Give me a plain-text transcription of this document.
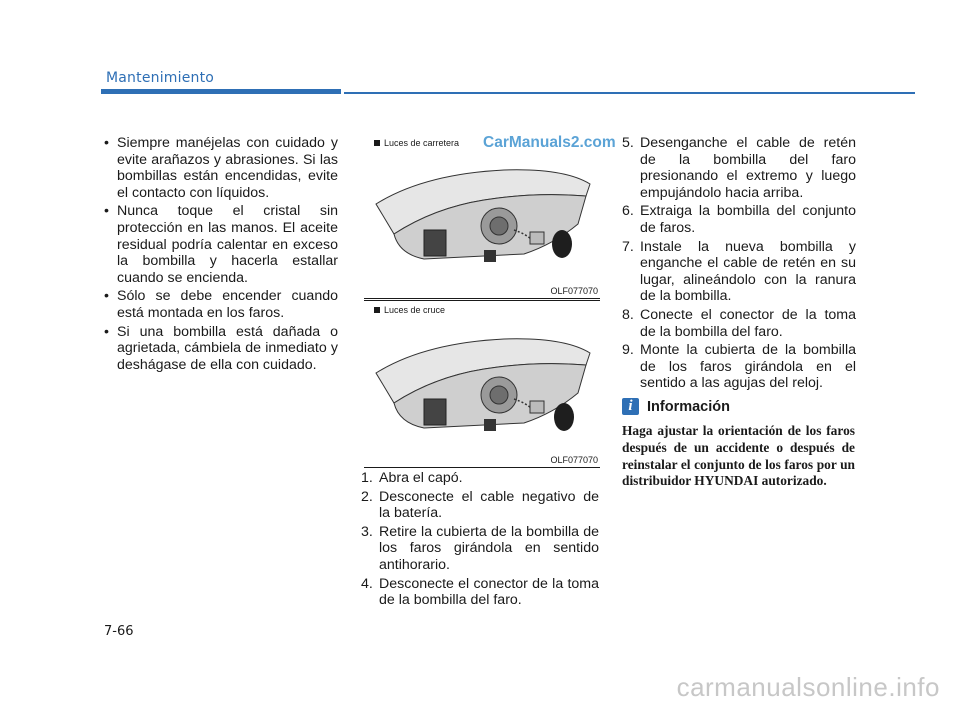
Mantenimiento
• Siempre manéjelas con cuidado y evite arañazos y abrasiones. Si las bombillas están encendidas, evite el contacto con líquidos.
• Nunca toque el cristal sin protección en las manos. El aceite residual podría calentar en exceso la bombilla y hacerla estallar cuando se encienda.
• Sólo se debe encender cuando está montada en los faros.
• Si una bombilla está dañada o agrietada, cámbiela de inmediato y deshágase de ella con cuidado.
Luces de carretera
OLF077070
CarManuals2.com
Luces de cruce
OLF077070
1. Abra el capó.
2. Desconecte el cable negativo de la batería.
3. Retire la cubierta de la bombilla de los faros girándola en sentido antihorario.
4. Desconecte el conector de la toma de la bombilla del faro.
5. Desenganche el cable de retén de la bombilla del faro presionando el extremo y luego empujándolo hacia arriba.
6. Extraiga la bombilla del conjunto de faros.
7. Instale la nueva bombilla y enganche el cable de retén en su lugar, alineándolo con la ranura de la bombilla.
8. Conecte el conector de la toma de la bombilla del faro.
9. Monte la cubierta de la bombilla de los faros girándola en el sentido a las agujas del reloj.
i Información
Haga ajustar la orientación de los faros después de un accidente o después de reinstalar el conjunto de los faros por un distribuidor HYUNDAI autorizado.
7-66
carmanualsonline.info
